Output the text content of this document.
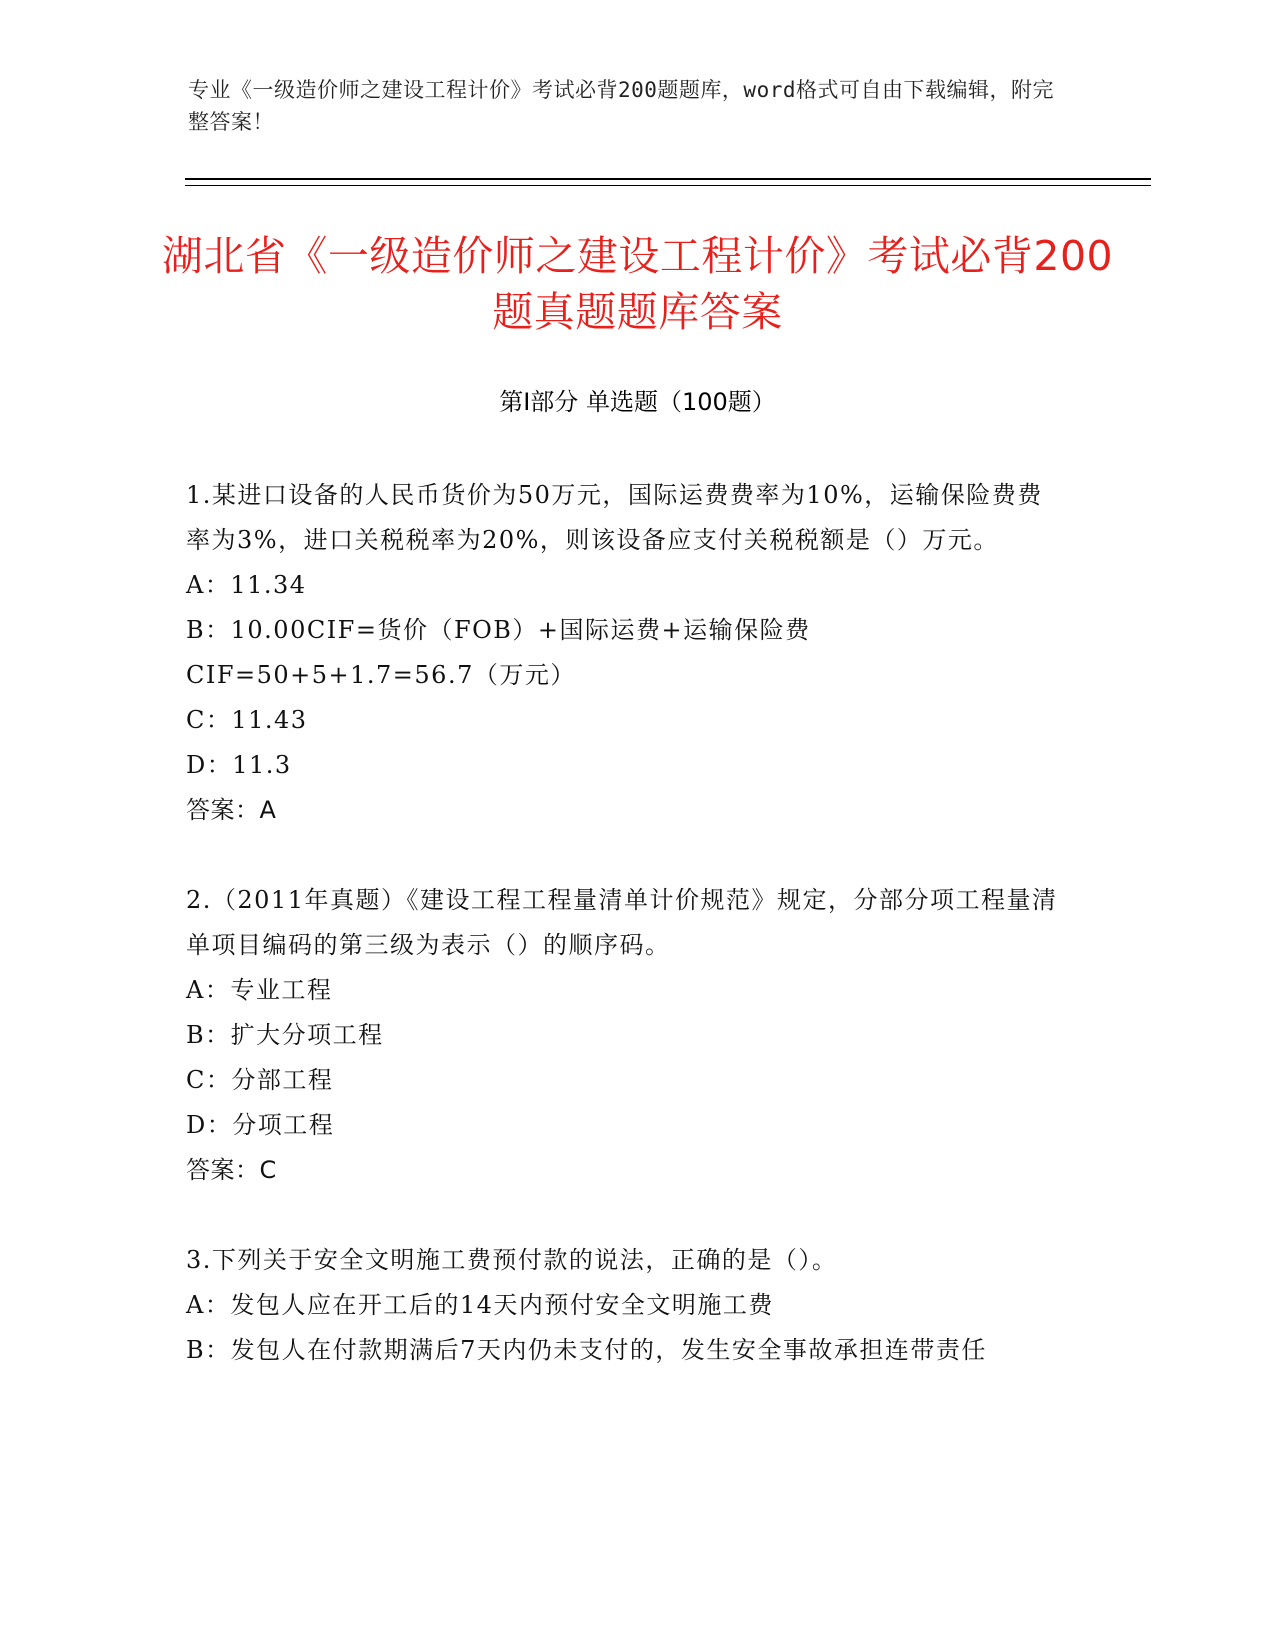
专业《一级造价师之建设工程计价》考试必背200题题库，word格式可自由下载编辑，附完整答案！
湖北省《一级造价师之建设工程计价》考试必背200题真题题库答案
第Ⅰ部分 单选题（100题）

1.某进口设备的人民币货价为50万元，国际运费费率为10%，运输保险费费率为3%，进口关税税率为20%，则该设备应支付关税税额是（）万元。

A：11.34

B：10.00CIF=货价（FOB）+国际运费+运输保险费CIF=50+5+1.7=56.7（万元）

C：11.43

D：11.3

答案：A

2.（2011年真题）《建设工程工程量清单计价规范》规定，分部分项工程量清单项目编码的第三级为表示（）的顺序码。

A：专业工程

B：扩大分项工程

C：分部工程

D：分项工程

答案：C

3.下列关于安全文明施工费预付款的说法，正确的是（）。

A：发包人应在开工后的14天内预付安全文明施工费

B：发包人在付款期满后7天内仍未支付的，发生安全事故承担连带责任
